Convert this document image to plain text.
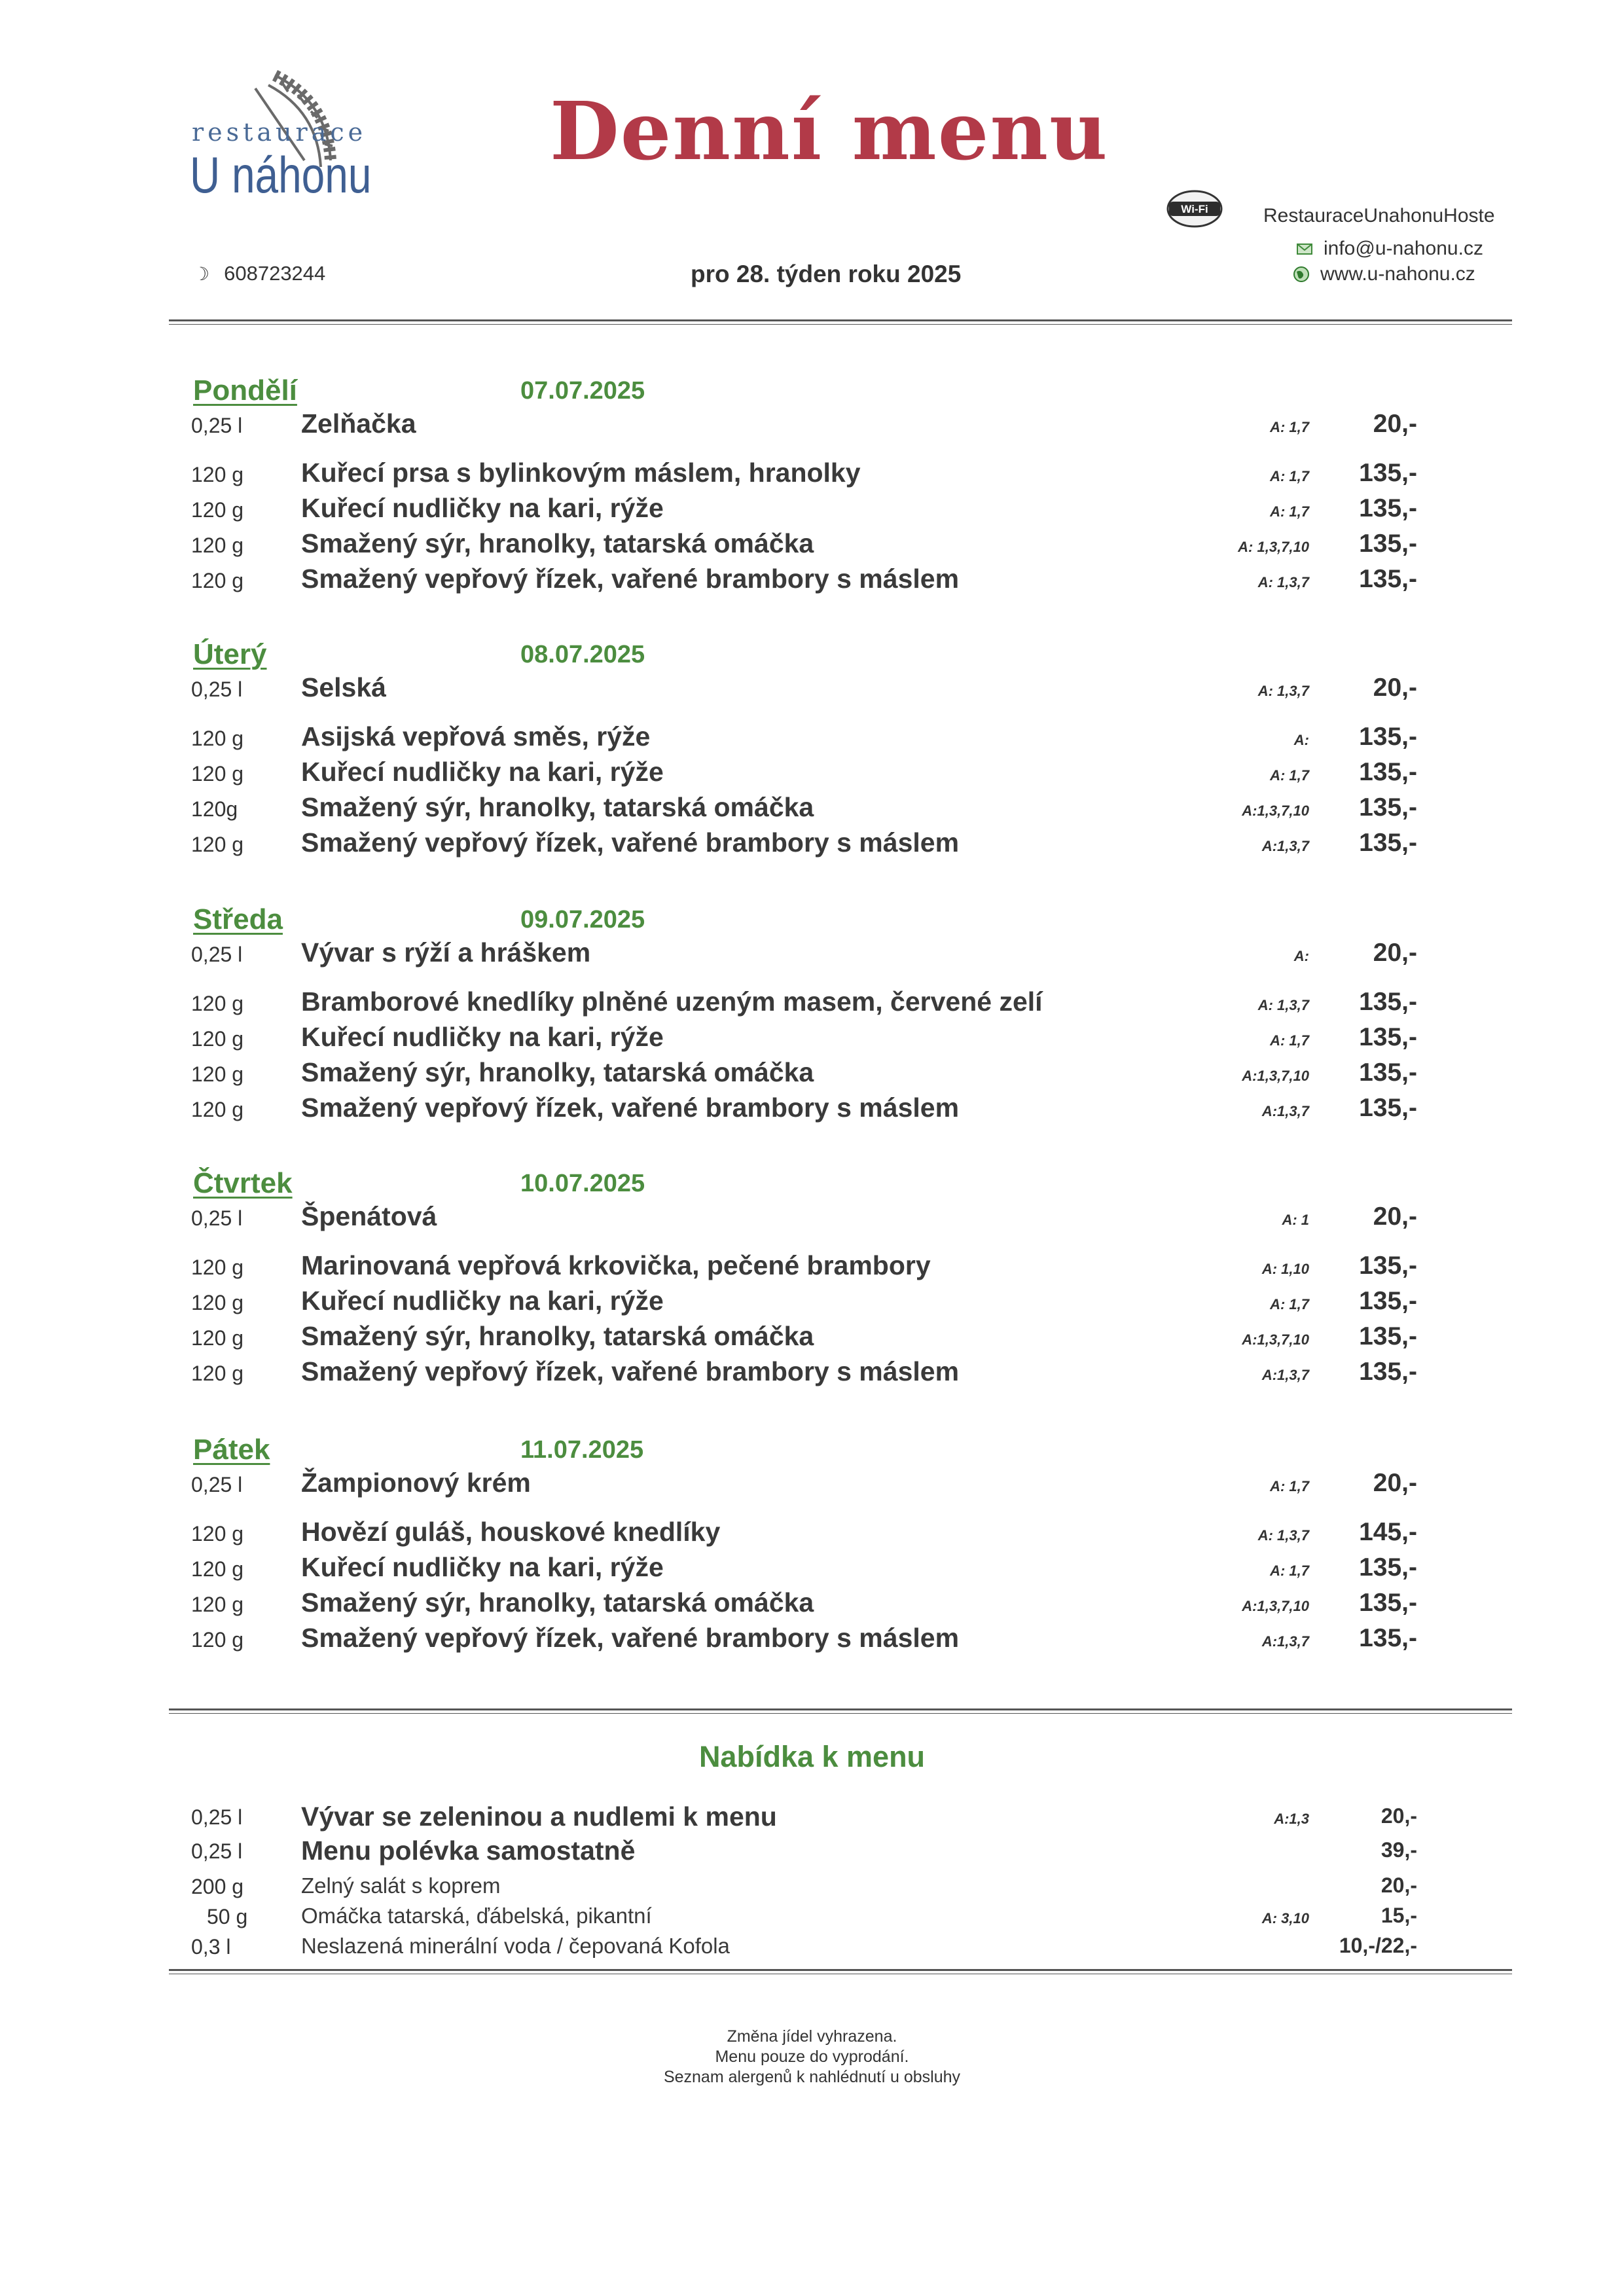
restaurace
U náhonu Denní menu
Wi-Fi	RestauraceUnahonuHoste
info@u-nahonu.cz
www.u-nahonu.cz
☽ 608723244	pro 28. týden roku 2025
Pondělí	07.07.2025
0,25 l Zelňačka	A: 1,7	20,-
120 g Kuřecí prsa s bylinkovým máslem, hranolky	A: 1,7	135,-
120 g Kuřecí nudličky na kari, rýže	A: 1,7	135,-
120 g Smažený sýr, hranolky, tatarská omáčka	A: 1,3,7,10	135,-
120 g Smažený vepřový řízek, vařené brambory s máslem	A: 1,3,7	135,-
Úterý	08.07.2025
0,25 l Selská	A: 1,3,7	20,-
120 g Asijská vepřová směs, rýže	A:	135,-
120 g Kuřecí nudličky na kari, rýže	A: 1,7	135,-
120g Smažený sýr, hranolky, tatarská omáčka	A:1,3,7,10	135,-
120 g Smažený vepřový řízek, vařené brambory s máslem	A:1,3,7	135,-
Středa	09.07.2025
0,25 l Vývar s rýží a hráškem	A:	20,-
120 g Bramborové knedlíky plněné uzeným masem, červené zelí	A: 1,3,7	135,-
120 g Kuřecí nudličky na kari, rýže	A: 1,7	135,-
120 g Smažený sýr, hranolky, tatarská omáčka	A:1,3,7,10	135,-
120 g Smažený vepřový řízek, vařené brambory s máslem	A:1,3,7	135,-
Čtvrtek	10.07.2025
0,25 l Špenátová	A: 1	20,-
120 g Marinovaná vepřová krkovička, pečené brambory	A: 1,10	135,-
120 g Kuřecí nudličky na kari, rýže	A: 1,7	135,-
120 g Smažený sýr, hranolky, tatarská omáčka	A:1,3,7,10	135,-
120 g Smažený vepřový řízek, vařené brambory s máslem	A:1,3,7	135,-
Pátek	11.07.2025
0,25 l Žampionový krém	A: 1,7	20,-
120 g Hovězí guláš, houskové knedlíky	A: 1,3,7	145,-
120 g Kuřecí nudličky na kari, rýže	A: 1,7	135,-
120 g Smažený sýr, hranolky, tatarská omáčka	A:1,3,7,10	135,-
120 g Smažený vepřový řízek, vařené brambory s máslem	A:1,3,7	135,-
Nabídka k menu
0,25 l Vývar se zeleninou a nudlemi k menu	A:1,3	20,-
0,25 l Menu polévka samostatně	39,-
200 g	Zelný salát s koprem	20,-
50 g Omáčka tatarská, ďábelská, pikantní	A: 3,10	15,-
0,3 l	Neslazená minerální voda / čepovaná Kofola	10,-/22,-
Změna jídel vyhrazena.
Menu pouze do vyprodání.
Seznam alergenů k nahlédnutí u obsluhy
